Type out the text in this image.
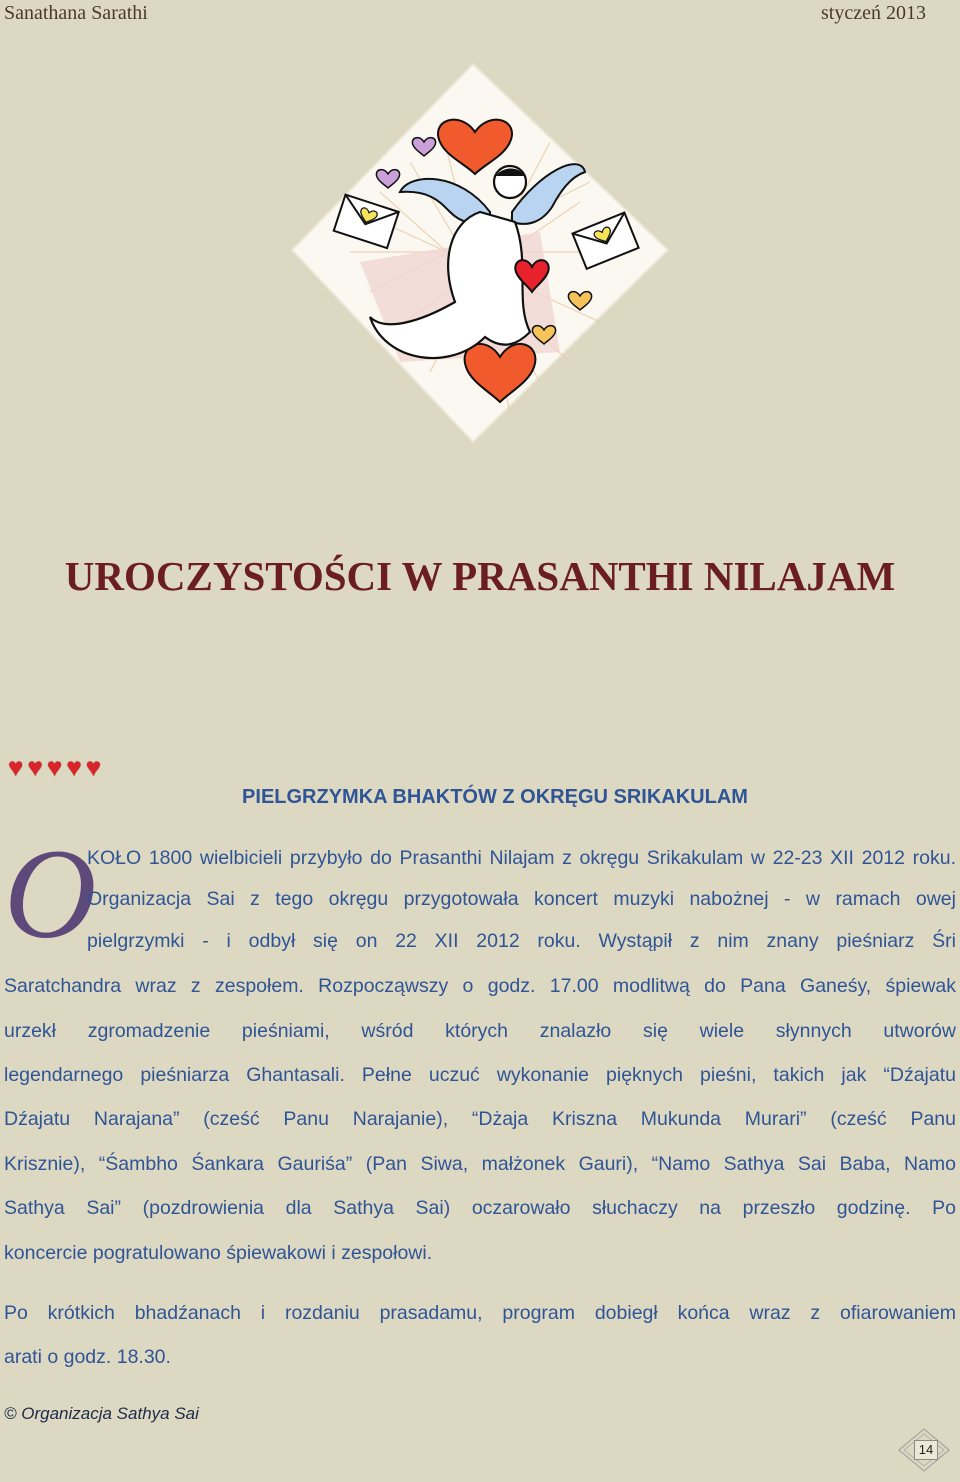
Sanathana Sarathi	styczeń 2013
UROCZYSTOŚCI W PRASANTHI NILAJAM
♥ ♥ ♥ ♥ ♥
PIELGRZYMKA BHAKTÓW Z OKRĘGU SRIKAKULAM
O
KOŁO 1800 wielbicieli przybyło do Prasanthi Nilajam z okręgu Srikakulam w 22-23 XII 2012 roku.
Organizacja Sai z tego okręgu przygotowała koncert muzyki nabożnej - w ramach owej
pielgrzymki - i odbył się on 22 XII 2012 roku. Wystąpił z nim znany pieśniarz Śri
Saratchandra wraz z zespołem. Rozpocząwszy o godz. 17.00 modlitwą do Pana Ganeśy, śpiewak
urzekł zgromadzenie pieśniami, wśród których znalazło się wiele słynnych utworów
legendarnego pieśniarza Ghantasali. Pełne uczuć wykonanie pięknych pieśni, takich jak “Dźajatu
Dźajatu Narajana” (cześć Panu Narajanie), “Dżaja Kriszna Mukunda Murari” (cześć Panu
Krisznie), “Śambho Śankara Gauriśa” (Pan Siwa, małżonek Gauri), “Namo Sathya Sai Baba, Namo
Sathya Sai” (pozdrowienia dla Sathya Sai) oczarowało słuchaczy na przeszło godzinę. Po
koncercie pogratulowano śpiewakowi i zespołowi.
Po krótkich bhadźanach i rozdaniu prasadamu, program dobiegł końca wraz z ofiarowaniem
arati o godz. 18.30.
© Organizacja Sathya Sai
14
